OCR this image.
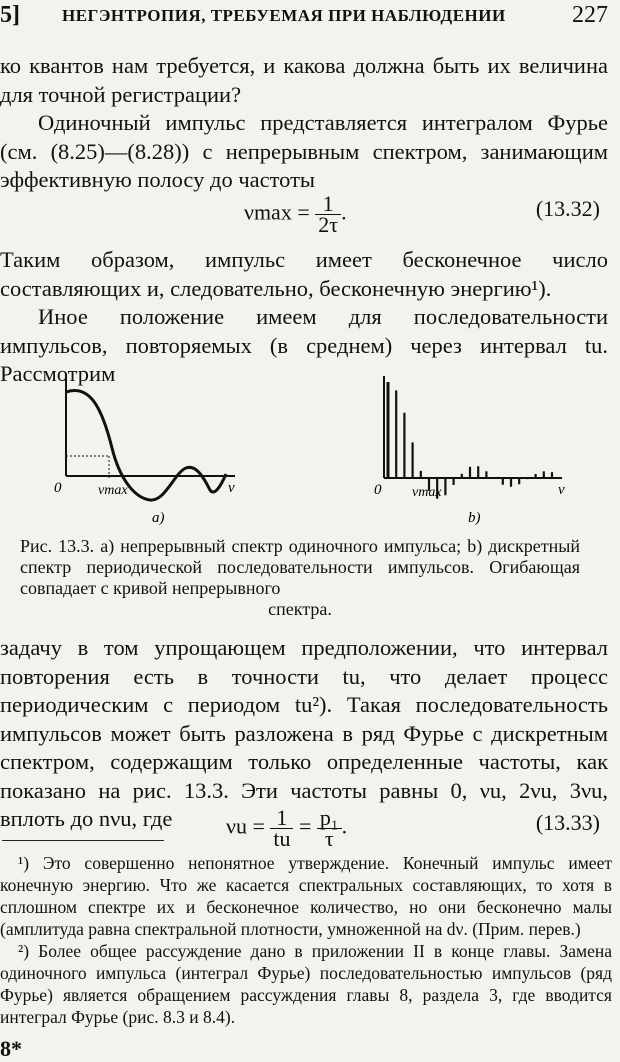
5] НЕГЭНТРОПИЯ, ТРЕБУЕМАЯ ПРИ НАБЛЮДЕНИИ	227

ко квантов нам требуется, и какова должна быть их величина для точной регистрации?

Одиночный импульс представляется интегралом Фурье (см. (8.25)—(8.28)) с непрерывным спектром, занимающим эффективную полосу до частоты

$\nu\max = \frac{1}{2\tau}$ .	(13.32)

Таким образом, импульс имеет бесконечное число составляющих и, следовательно, бесконечную энергию¹).

Иное положение имеем для последовательности импульсов, повторяемых (в среднем) через интервал tu. Рассмотрим

0	νmax	ν
a)
0 νmax	ν
b)
Рис. 13.3. a) непрерывный спектр одиночного импульса; b) дискретный спектр периодической последовательности импульсов. Огибающая совпадает с кривой непрерывного
спектра.

задачу в том упрощающем предположении, что интервал повторения есть в точности tu, что делает процесс периодическим с периодом tu²). Такая последовательность импульсов может быть разложена в ряд Фурье с дискретным спектром, содержащим только определенные частоты, как показано на рис. 13.3. Эти частоты равны 0, νu, 2νu, 3νu, вплоть до nνu, где	$\nu u = \frac{1}{tu} = \frac{\text{p₁}}{\tau}$ .	(13.33)

¹) Это совершенно непонятное утверждение. Конечный импульс имеет конечную энергию. Что же касается спектральных составляющих, то хотя в сплошном спектре их и бесконечное количество, но они бесконечно малы (амплитуда равна спектральной плотности, умноженной на dν. (Прим. перев.)

²) Более общее рассуждение дано в приложении II в конце главы. Замена одиночного импульса (интеграл Фурье) последовательностью импульсов (ряд Фурье) является обращением рассуждения главы 8, раздела 3, где вводится интеграл Фурье (рис. 8.3 и 8.4).

8*
